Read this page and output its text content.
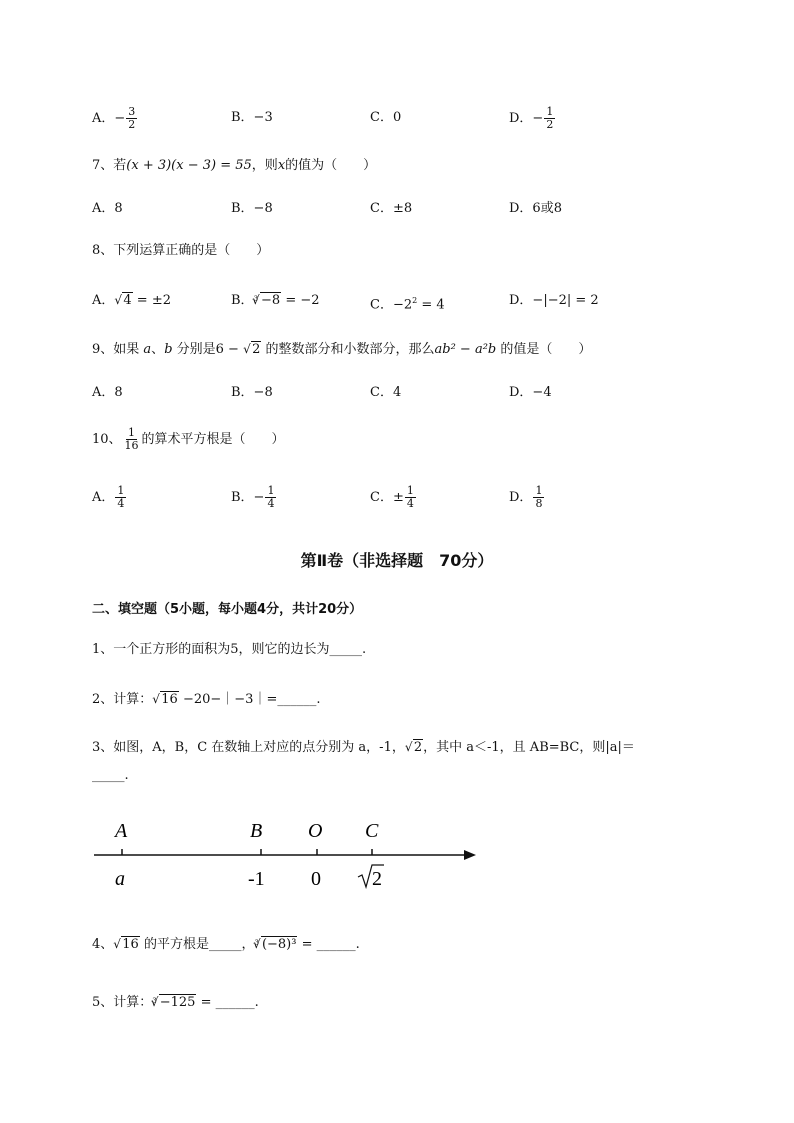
A．− $\frac{3}{2}$	B．−3	C．0	D．− $\frac{1}{2}$
7、若(x + 3)(x − 3) = 55，则x的值为（　　）
A．8	B．−8	C．±8	D．6或8
8、下列运算正确的是（　　）
A． √ 4 = ±2	B．$^3$ √ −8 = −2	C．$-2^2 = 4$	D．−|−2| = 2
9、如果 a、b 分别是6 − √ 2 的整数部分和小数部分，那么ab² − a²b 的值是（　　）
A．8	B．−8	C．4	D．−4
10、 $\frac{1}{16}$ 的算术平方根是（　　）
A． $\frac{1}{4}$	B．− $\frac{1}{4}$	C．± $\frac{1}{4}$	D． $\frac{1}{8}$
第Ⅱ卷（非选择题　70分）
二、填空题（5小题，每小题4分，共计20分）
1、一个正方形的面积为5，则它的边长为_____.
2、计算： √ 16 −20−｜−3｜=______.
3、如图，A，B，C 在数轴上对应的点分别为 a，‑1， √ 2，其中 a＜‑1，且 AB=BC，则|a|＝
_____.
A	B O C
a	-1 0	2
4、 √ 16 的平方根是_____，$^3$ √ (−8)³ = ______.
5、计算：$^3$ √ −125 = ______.
